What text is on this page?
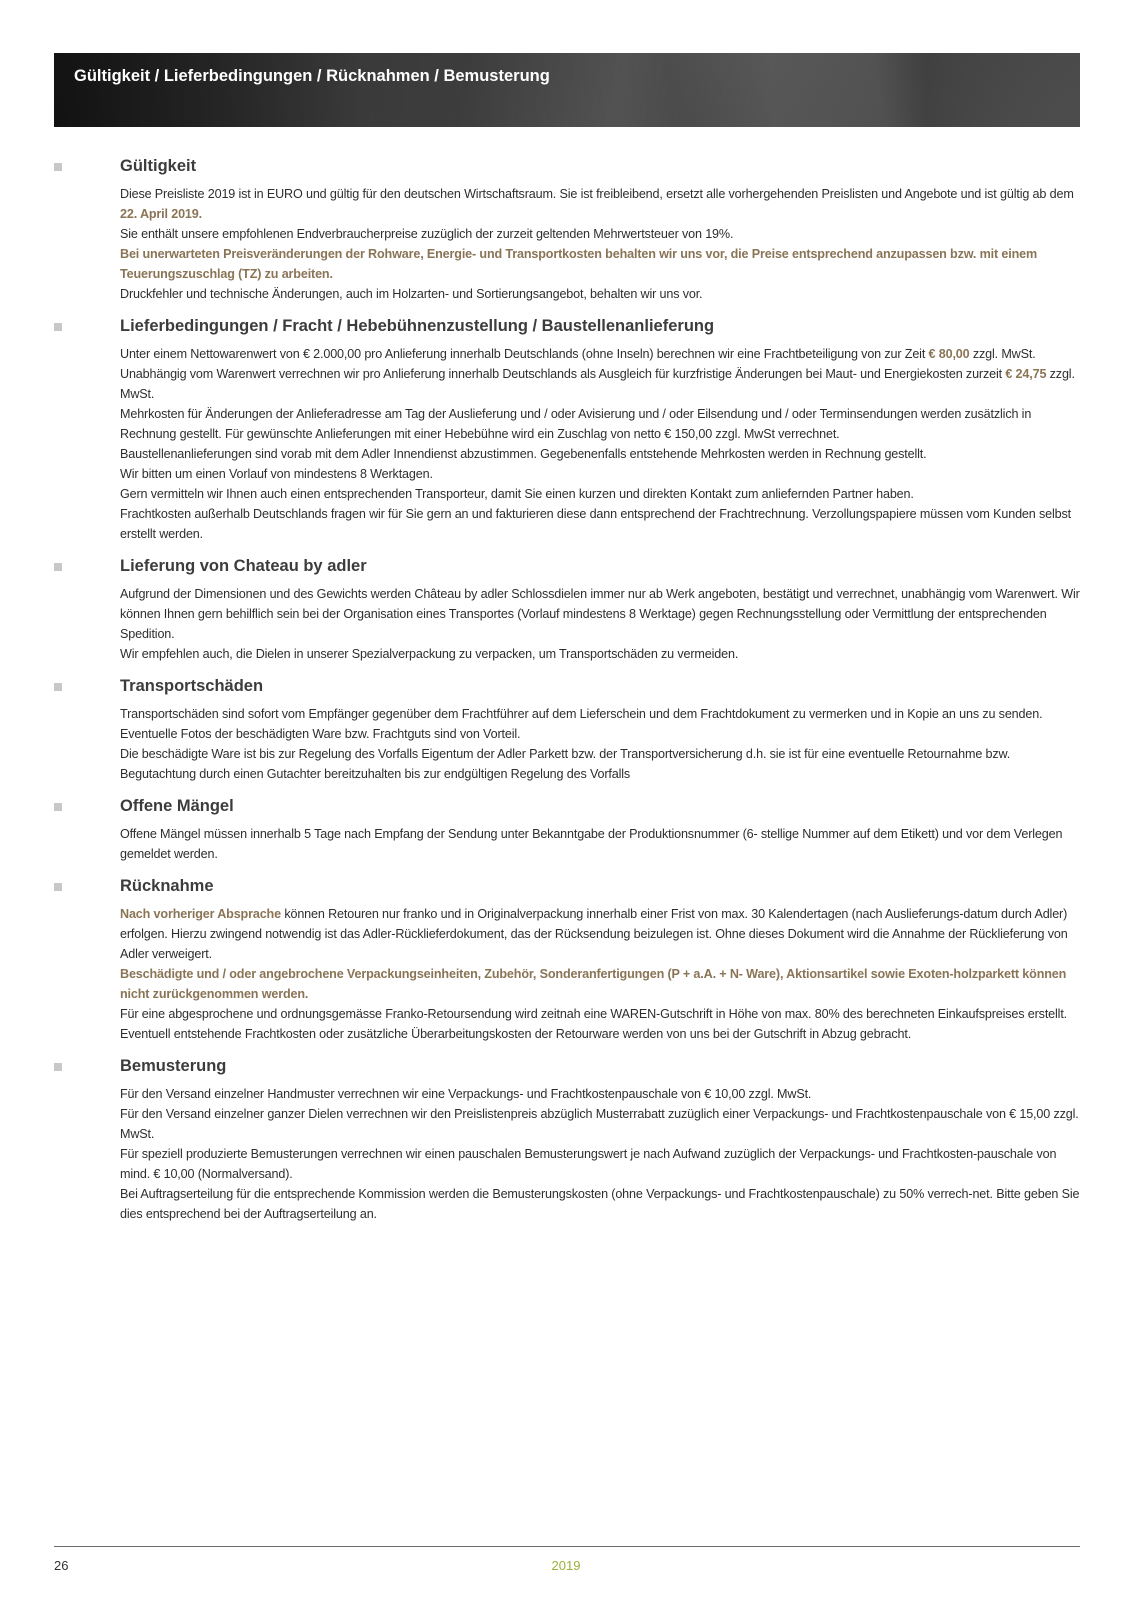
Gültigkeit / Lieferbedingungen / Rücknahmen / Bemusterung
Gültigkeit

Diese Preisliste 2019 ist in EURO und gültig für den deutschen Wirtschaftsraum. Sie ist freibleibend, ersetzt alle vorhergehenden Preislisten und Angebote und ist gültig ab dem 22. April 2019.

Sie enthält unsere empfohlenen Endverbraucherpreise zuzüglich der zurzeit geltenden Mehrwertsteuer von 19%.

Bei unerwarteten Preisveränderungen der Rohware, Energie- und Transportkosten behalten wir uns vor, die Preise entsprechend anzupassen bzw. mit einem Teuerungszuschlag (TZ) zu arbeiten.

Druckfehler und technische Änderungen, auch im Holzarten- und Sortierungsangebot, behalten wir uns vor.

Lieferbedingungen / Fracht / Hebebühnenzustellung / Baustellenanlieferung

Unter einem Nettowarenwert von € 2.000,00 pro Anlieferung innerhalb Deutschlands (ohne Inseln) berechnen wir eine Frachtbeteiligung von zur Zeit € 80,00 zzgl. MwSt. Unabhängig vom Warenwert verrechnen wir pro Anlieferung innerhalb Deutschlands als Ausgleich für kurzfristige Änderungen bei Maut- und Energiekosten zurzeit € 24,75 zzgl. MwSt.

Mehrkosten für Änderungen der Anlieferadresse am Tag der Auslieferung und / oder Avisierung und / oder Eilsendung und / oder Terminsendungen werden zusätzlich in Rechnung gestellt. Für gewünschte Anlieferungen mit einer Hebebühne wird ein Zuschlag von netto € 150,00 zzgl. MwSt verrechnet.

Baustellenanlieferungen sind vorab mit dem Adler Innendienst abzustimmen. Gegebenenfalls entstehende Mehrkosten werden in Rechnung gestellt.

Wir bitten um einen Vorlauf von mindestens 8 Werktagen.

Gern vermitteln wir Ihnen auch einen entsprechenden Transporteur, damit Sie einen kurzen und direkten Kontakt zum anliefernden Partner haben.

Frachtkosten außerhalb Deutschlands fragen wir für Sie gern an und fakturieren diese dann entsprechend der Frachtrechnung. Verzollungspapiere müssen vom Kunden selbst erstellt werden.

Lieferung von Chateau by adler

Aufgrund der Dimensionen und des Gewichts werden Château by adler Schlossdielen immer nur ab Werk angeboten, bestätigt und verrechnet, unabhängig vom Warenwert. Wir können Ihnen gern behilflich sein bei der Organisation eines Transportes (Vorlauf mindestens 8 Werktage) gegen Rechnungsstellung oder Vermittlung der entsprechenden Spedition.

Wir empfehlen auch, die Dielen in unserer Spezialverpackung zu verpacken, um Transportschäden zu vermeiden.

Transportschäden

Transportschäden sind sofort vom Empfänger gegenüber dem Frachtführer auf dem Lieferschein und dem Frachtdokument zu vermerken und in Kopie an uns zu senden. Eventuelle Fotos der beschädigten Ware bzw. Frachtguts sind von Vorteil.

Die beschädigte Ware ist bis zur Regelung des Vorfalls Eigentum der Adler Parkett bzw. der Transportversicherung d.h. sie ist für eine eventuelle Retournahme bzw. Begutachtung durch einen Gutachter bereitzuhalten bis zur endgültigen Regelung des Vorfalls

Offene Mängel

Offene Mängel müssen innerhalb 5 Tage nach Empfang der Sendung unter Bekanntgabe der Produktionsnummer (6- stellige Nummer auf dem Etikett) und vor dem Verlegen gemeldet werden.

Rücknahme

Nach vorheriger Absprache können Retouren nur franko und in Originalverpackung innerhalb einer Frist von max. 30 Kalendertagen (nach Auslieferungs-datum durch Adler) erfolgen. Hierzu zwingend notwendig ist das Adler-Rücklieferdokument, das der Rücksendung beizulegen ist. Ohne dieses Dokument wird die Annahme der Rücklieferung von Adler verweigert.

Beschädigte und / oder angebrochene Verpackungseinheiten, Zubehör, Sonderanfertigungen (P + a.A. + N- Ware), Aktionsartikel sowie Exoten-holzparkett können nicht zurückgenommen werden.

Für eine abgesprochene und ordnungsgemässe Franko-Retoursendung wird zeitnah eine WAREN-Gutschrift in Höhe von max. 80% des berechneten Einkaufspreises erstellt. Eventuell entstehende Frachtkosten oder zusätzliche Überarbeitungskosten der Retourware werden von uns bei der Gutschrift in Abzug gebracht.

Bemusterung

Für den Versand einzelner Handmuster verrechnen wir eine Verpackungs- und Frachtkostenpauschale von € 10,00 zzgl. MwSt.

Für den Versand einzelner ganzer Dielen verrechnen wir den Preislistenpreis abzüglich Musterrabatt zuzüglich einer Verpackungs- und Frachtkostenpauschale von € 15,00 zzgl. MwSt.

Für speziell produzierte Bemusterungen verrechnen wir einen pauschalen Bemusterungswert je nach Aufwand zuzüglich der Verpackungs- und Frachtkosten-pauschale von mind. € 10,00 (Normalversand).

Bei Auftragserteilung für die entsprechende Kommission werden die Bemusterungskosten (ohne Verpackungs- und Frachtkostenpauschale) zu 50% verrech-net. Bitte geben Sie dies entsprechend bei der Auftragserteilung an.

26	2019
